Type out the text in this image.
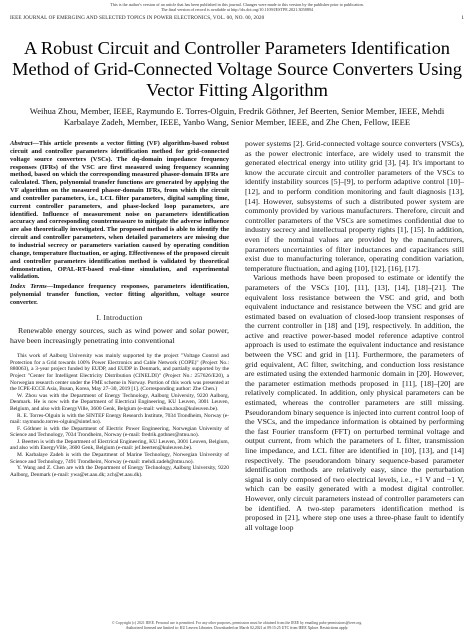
This is the author's version of an article that has been published in this journal. Changes were made to this version by the publisher prior to publication.
The final version of record is available at http://dx.doi.org/10.1109/JESTPE.2021.3058894
IEEE JOURNAL OF EMERGING AND SELECTED TOPICS IN POWER ELECTRONICS, VOL. 00, NO. 00, 2020	1
A Robust Circuit and Controller Parameters Identification Method of Grid-Connected Voltage Source Converters Using Vector Fitting Algorithm
Weihua Zhou, Member, IEEE, Raymundo E. Torres-Olguin, Fredrik Göthner, Jef Beerten, Senior Member, IEEE, Mehdi Karbalaye Zadeh, Member, IEEE, Yanbo Wang, Senior Member, IEEE, and Zhe Chen, Fellow, IEEE

Abstract—This article presents a vector fitting (VF) algorithm-based robust circuit and controller parameters identification method for grid-connected voltage source converters (VSCs). The dq-domain impedance frequency responses (IFRs) of the VSC are first measured using frequency scanning method, based on which the corresponding measured phasor-domain IFRs are calculated. Then, polynomial transfer functions are generated by applying the VF algorithm on the measured phasor-domain IFRs, from which the circuit and controller parameters, i.e., LCL filter parameters, digital sampling time, current controller parameters, and phase-locked loop parameters, are identified. Influence of measurement noise on parameters identification accuracy and corresponding countermeasure to mitigate the adverse influence are also theoretically investigated. The proposed method is able to identify the circuit and controller parameters, when detailed parameters are missing due to industrial secrecy or parameters variation caused by operating condition change, temperature fluctuation, or aging. Effectiveness of the proposed circuit and controller parameters identification method is validated by theoretical demonstration, OPAL-RT-based real-time simulation, and experimental validation.

Index Terms—Impedance frequency responses, parameters identification, polynomial transfer function, vector fitting algorithm, voltage source converter.

I. Introduction

Renewable energy sources, such as wind power and solar power, have been increasingly penetrating into conventional

This work of Aalborg University was mainly supported by the project "Voltage Control and Protection for a Grid towards 100% Power Electronics and Cable Network (COPE)" (Project No.: 880063), a 3-year project funded by EUDP, and EUDP in Denmark, and partially supported by the Project "Center for Intelligent Electricity Distribution (CINELDI)" (Project No.: 257626/E20), a Norwegian research center under the FME scheme in Norway. Portion of this work was presented at the ICPE-ECCE Asia, Busan, Korea, May 27–30, 2019 [1]. (Corresponding author: Zhe Chen.)

W. Zhou was with the Department of Energy Technology, Aalborg University, 9220 Aalborg, Denmark. He is now with the Department of Electrical Engineering, KU Leuven, 3001 Leuven, Belgium, and also with EnergyVille, 3600 Genk, Belgium (e-mail: weihua.zhou@kuleuven.be).

R. E. Torres-Olguin is with the SINTEF Energy Research Institute, 7034 Trondheim, Norway (e-mail: raymundo.torres-olguin@sintef.no).

F. Göthner is with the Department of Electric Power Engineering, Norwegian University of Science and Technology, 7034 Trondheim, Norway (e-mail: fredrik.gothner@ntnu.no).

J. Beerten is with the Department of Electrical Engineering, KU Leuven, 3001 Leuven, Belgium, and also with EnergyVille, 3600 Genk, Belgium (e-mail: jef.beerten@kuleuven.be).

M. Karbalaye Zadeh is with the Department of Marine Technology, Norwegian University of Science and Technology, 7491 Trondheim, Norway (e-mail: mehdi.zadeh@ntnu.no).

Y. Wang and Z. Chen are with the Department of Energy Technology, Aalborg University, 9220 Aalborg, Denmark (e-mail: ywa@et.aau.dk; zch@et.aau.dk).

power systems [2]. Grid-connected voltage source converters (VSCs), as the power electronic interface, are widely used to transmit the generated electrical energy into utility grid [3], [4]. It's important to know the accurate circuit and controller parameters of the VSCs to identify instability sources [5]–[9], to perform adaptive control [10]–[12], and to perform condition monitoring and fault diagnosis [13], [14]. However, subsystems of such a distributed power system are commonly provided by various manufacturers. Therefore, circuit and controller parameters of the VSCs are sometimes confidential due to industry secrecy and intellectual property rights [1], [15]. In addition, even if the nominal values are provided by the manufacturers, parameters uncertainties of filter inductances and capacitances still exist due to manufacturing tolerance, operating condition variation, temperature fluctuation, and aging [10], [12], [16], [17].

Various methods have been proposed to estimate or identify the parameters of the VSCs [10], [11], [13], [14], [18]–[21]. The equivalent loss resistance between the VSC and grid, and both equivalent inductance and resistance between the VSC and grid are estimated based on evaluation of closed-loop transient responses of the current controller in [18] and [19], respectively. In addition, the active and reactive power-based model reference adaptive control approach is used to estimate the equivalent inductance and resistance between the VSC and grid in [11]. Furthermore, the parameters of grid equivalent, AC filter, switching, and conduction loss resistance are estimated using the extended harmonic domain in [20]. However, the parameter estimation methods proposed in [11], [18]–[20] are relatively complicated. In addition, only physical parameters can be estimated, whereas the controller parameters are still missing. Pseudorandom binary sequence is injected into current control loop of the VSCs, and the impedance information is obtained by performing the fast Fourier transform (FFT) on perturbed terminal voltage and output current, from which the parameters of L filter, transmission line impedance, and LCL filter are identified in [10], [13], and [14] respectively. The pseudorandom binary sequence-based parameter identification methods are relatively easy, since the perturbation signal is only composed of two electrical levels, i.e., +1 V and −1 V, which can be easily generated with a modest digital controller. However, only circuit parameters instead of controller parameters can be identified. A two-step parameters identification method is proposed in [21], where step one uses a three-phase fault to identify all voltage loop

© Copyright (c) 2021 IEEE. Personal use is permitted. For any other purposes, permission must be obtained from the IEEE by emailing pubs-permissions@ieee.org.
Authorized licensed use limited to: KU Leuven Libraries. Downloaded on March 02,2021 at 09:15:25 UTC from IEEE Xplore. Restrictions apply.
